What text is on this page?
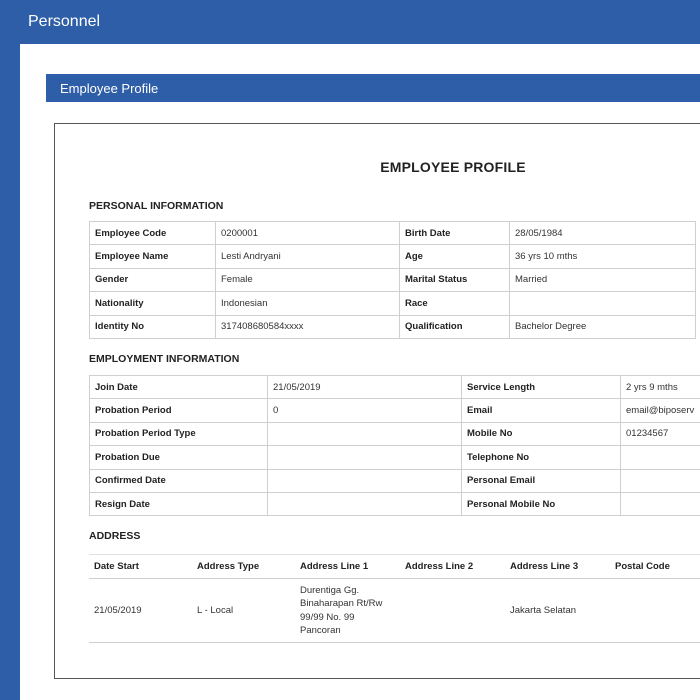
Personnel
Employee Profile
EMPLOYEE PROFILE
PERSONAL INFORMATION
Employee Code	0200001	Birth Date	28/05/1984
Employee Name	Lesti Andryani	Age	36 yrs 10 mths
Gender	Female	Marital Status	Married
Nationality	Indonesian	Race	
Identity No	317408680584xxxx	Qualification	Bachelor Degree
EMPLOYMENT INFORMATION
Join Date	21/05/2019	Service Length	2 yrs 9 mths
Probation Period	0	Email	email@biposerv
Probation Period Type		Mobile No	01234567
Probation Due		Telephone No	
Confirmed Date		Personal Email	
Resign Date		Personal Mobile No	
ADDRESS
Date Start	Address Type	Address Line 1	Address Line 2	Address Line 3	Postal Code
21/05/2019	L - Local	Durentiga Gg.
Binaharapan Rt/Rw
99/99 No. 99
Pancoran		Jakarta Selatan	
